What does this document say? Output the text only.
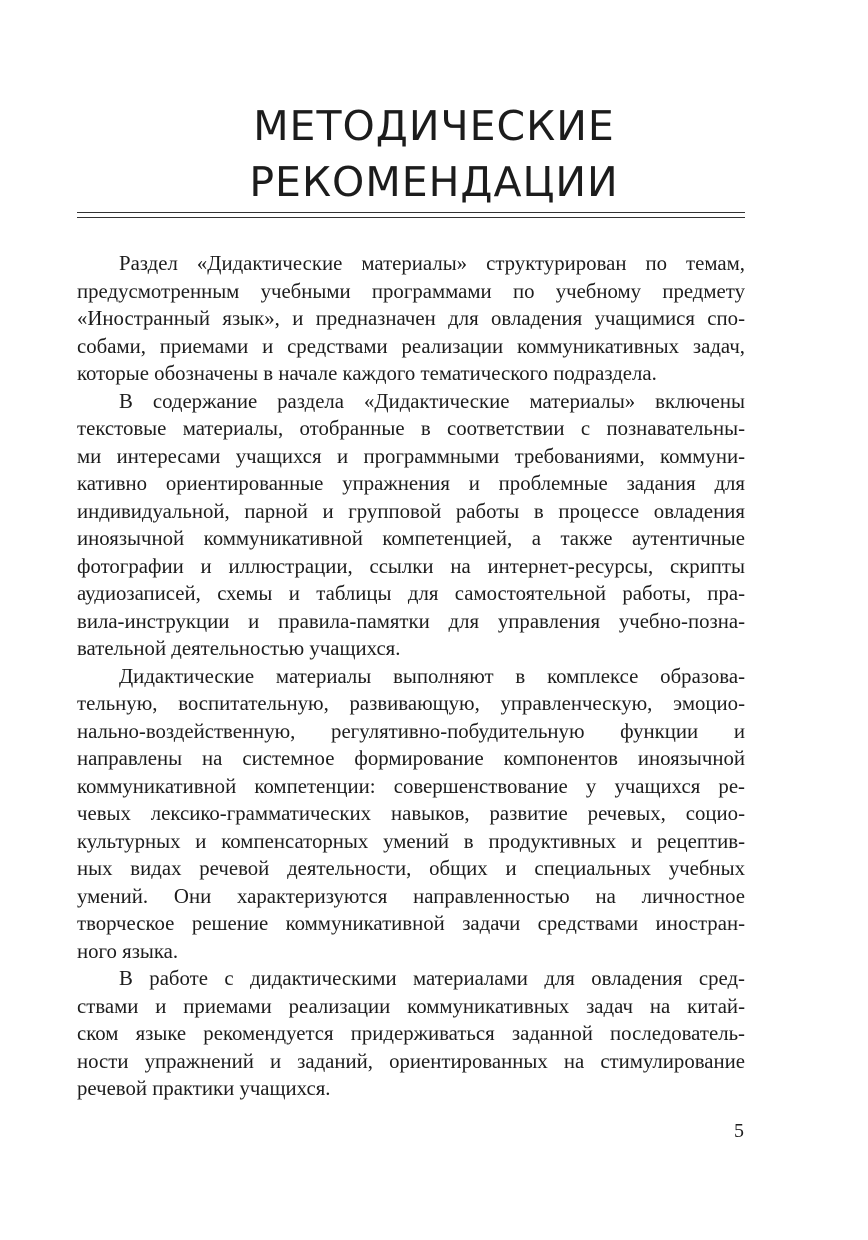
МЕТОДИЧЕСКИЕ
РЕКОМЕНДАЦИИ
Раздел «Дидактические материалы» структурирован по темам,
предусмотренным учебными программами по учебному предмету
«Иностранный язык», и предназначен для овладения учащимися спо-
собами, приемами и средствами реализации коммуникативных задач,
которые обозначены в начале каждого тематического подраздела.
В содержание раздела «Дидактические материалы» включены
текстовые материалы, отобранные в соответствии с познавательны-
ми интересами учащихся и программными требованиями, коммуни-
кативно ориентированные упражнения и проблемные задания для
индивидуальной, парной и групповой работы в процессе овладения
иноязычной коммуникативной компетенцией, а также аутентичные
фотографии и иллюстрации, ссылки на интернет-ресурсы, скрипты
аудиозаписей, схемы и таблицы для самостоятельной работы, пра-
вила-инструкции и правила-памятки для управления учебно-позна-
вательной деятельностью учащихся.
Дидактические материалы выполняют в комплексе образова-
тельную, воспитательную, развивающую, управленческую, эмоцио-
нально-воздейственную, регулятивно-побудительную функции и
направлены на системное формирование компонентов иноязычной
коммуникативной компетенции: совершенствование у учащихся ре-
чевых лексико-грамматических навыков, развитие речевых, социо-
культурных и компенсаторных умений в продуктивных и рецептив-
ных видах речевой деятельности, общих и специальных учебных
умений. Они характеризуются направленностью на личностное
творческое решение коммуникативной задачи средствами иностран-
ного языка.
В работе с дидактическими материалами для овладения сред-
ствами и приемами реализации коммуникативных задач на китай-
ском языке рекомендуется придерживаться заданной последователь-
ности упражнений и заданий, ориентированных на стимулирование
речевой практики учащихся.
5
